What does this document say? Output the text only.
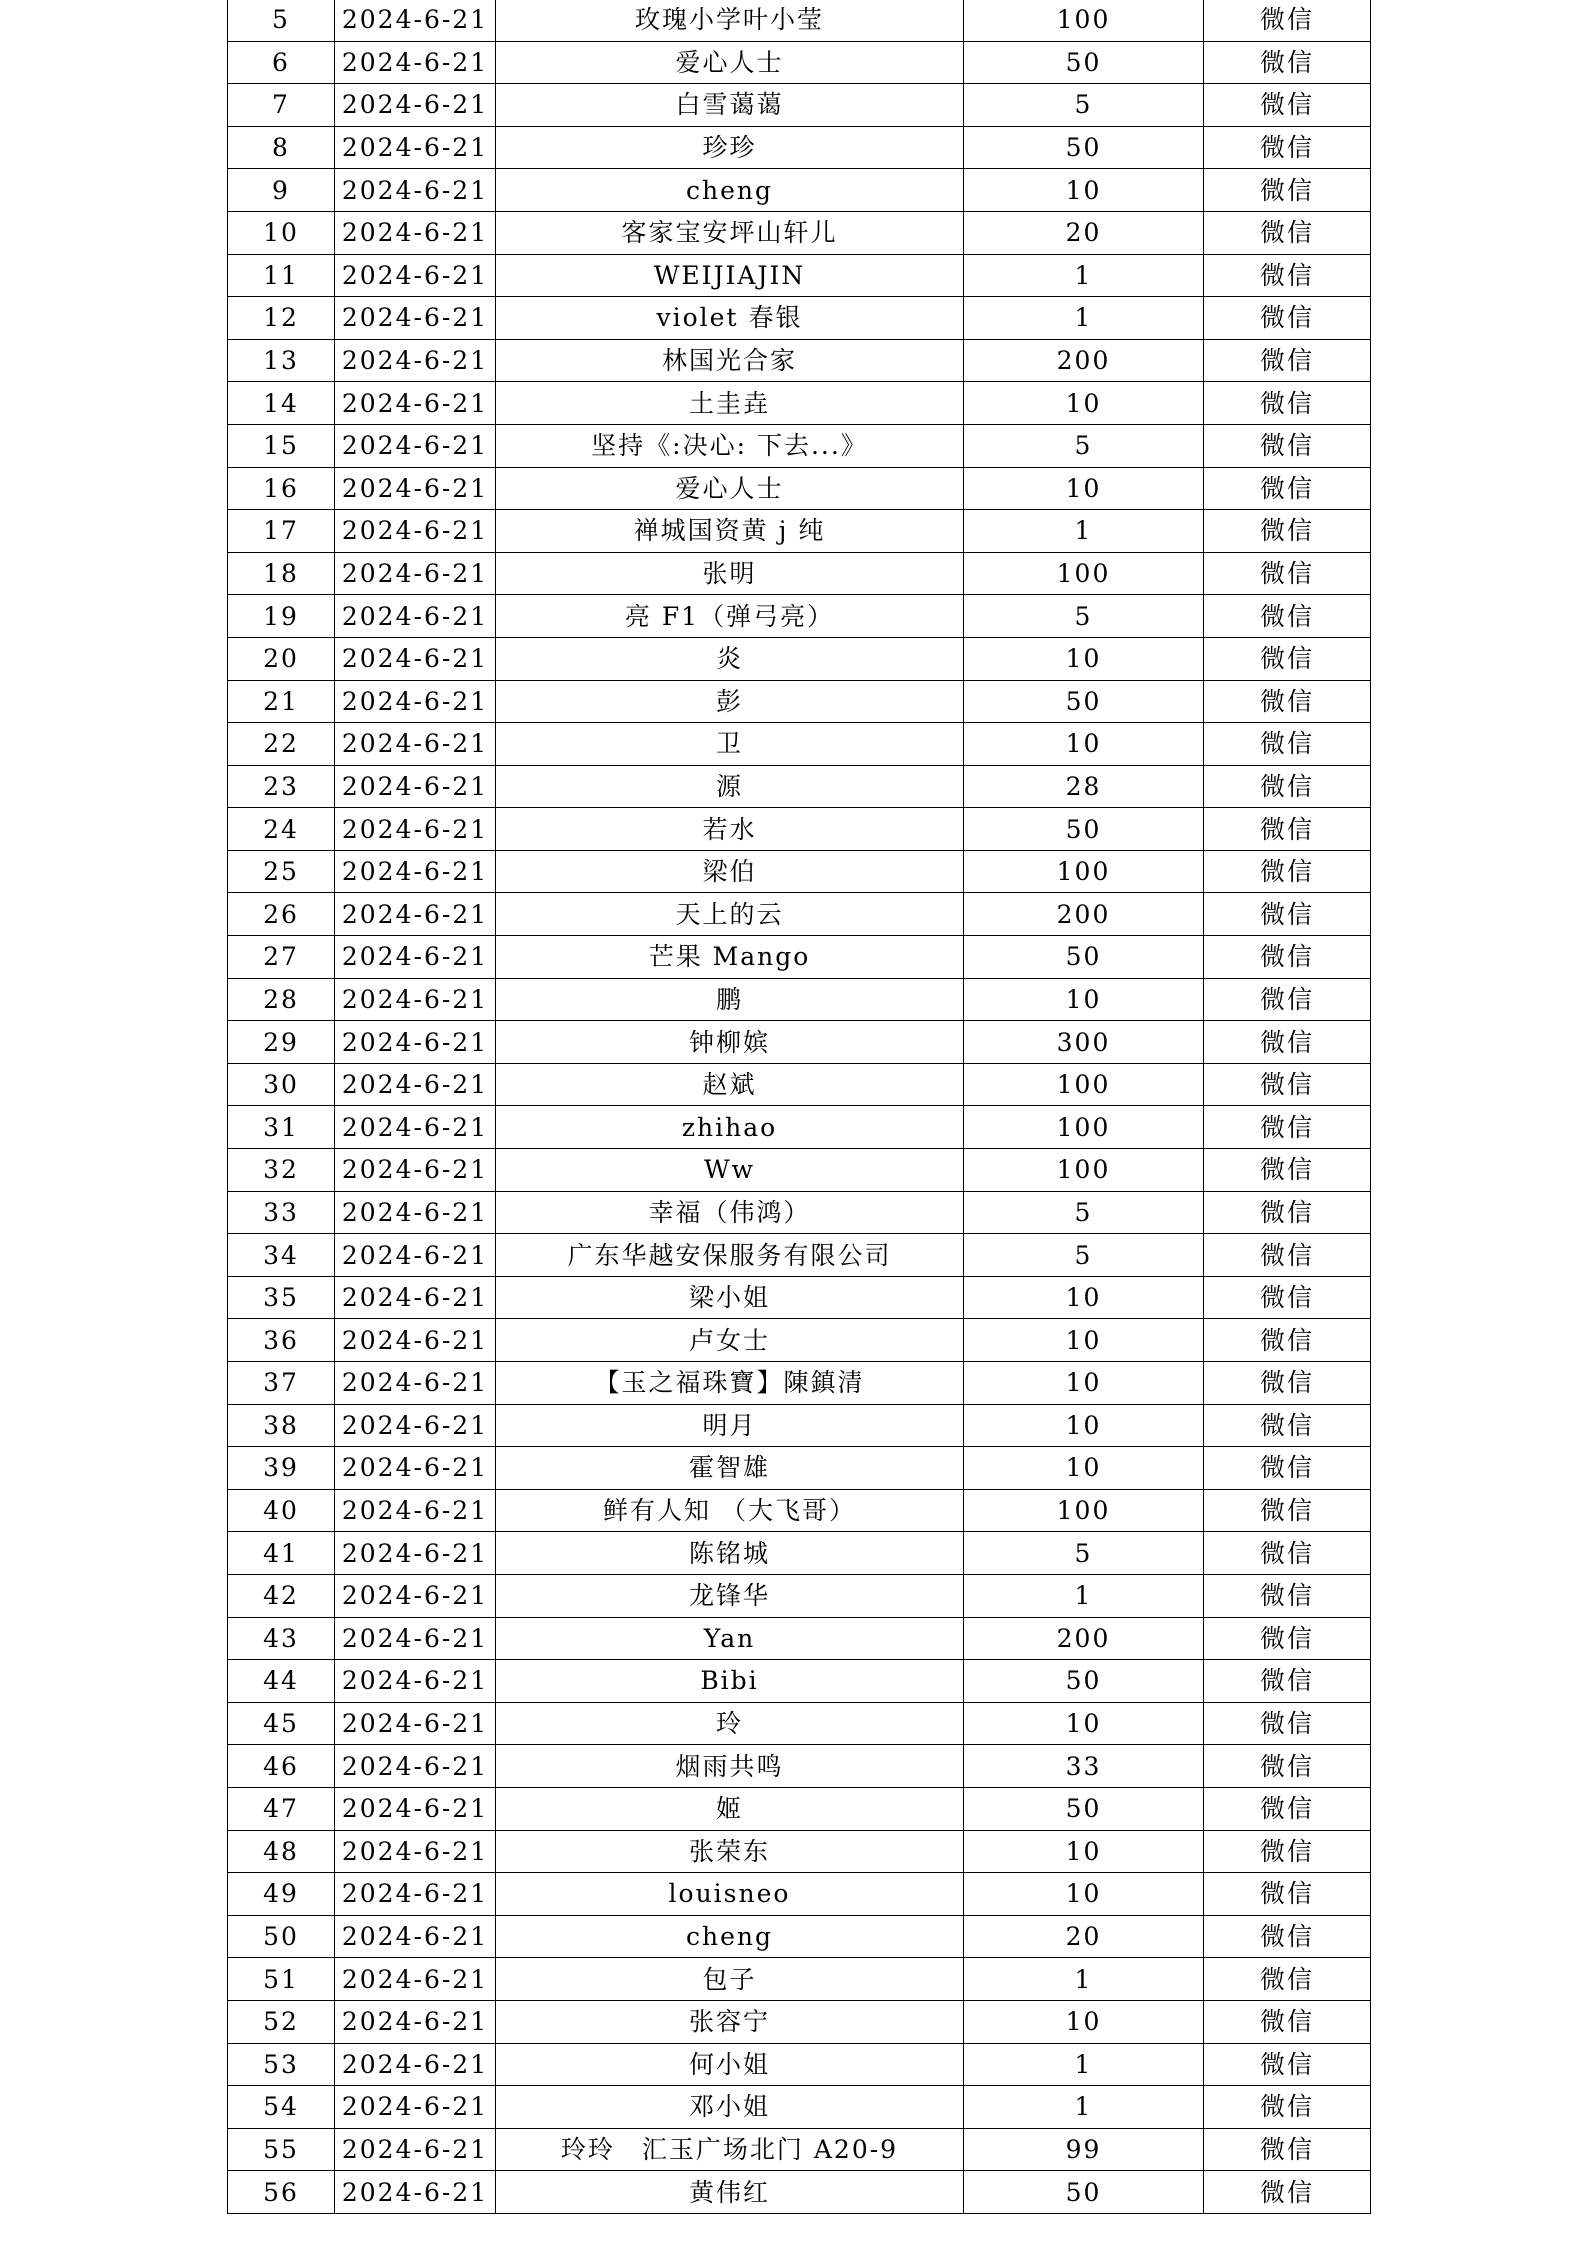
5	2024-6-21	玫瑰小学叶小莹	100	微信
6	2024-6-21	爱心人士	50	微信
7	2024-6-21	白雪蔼蔼	5	微信
8	2024-6-21	珍珍	50	微信
9	2024-6-21	cheng	10	微信
10	2024-6-21	客家宝安坪山轩儿	20	微信
11	2024-6-21	WEIJIAJIN	1	微信
12	2024-6-21	violet 春银	1	微信
13	2024-6-21	林国光合家	200	微信
14	2024-6-21	土圭垚	10	微信
15	2024-6-21	坚持《:决心: 下去...》	5	微信
16	2024-6-21	爱心人士	10	微信
17	2024-6-21	禅城国资黄 j 纯	1	微信
18	2024-6-21	张明	100	微信
19	2024-6-21	亮 F1（弹弓亮）	5	微信
20	2024-6-21	炎	10	微信
21	2024-6-21	彭	50	微信
22	2024-6-21	卫	10	微信
23	2024-6-21	源	28	微信
24	2024-6-21	若水	50	微信
25	2024-6-21	梁伯	100	微信
26	2024-6-21	天上的云	200	微信
27	2024-6-21	芒果 Mango	50	微信
28	2024-6-21	鹏	10	微信
29	2024-6-21	钟柳嫔	300	微信
30	2024-6-21	赵斌	100	微信
31	2024-6-21	zhihao	100	微信
32	2024-6-21	Ww	100	微信
33	2024-6-21	幸福（伟鸿）	5	微信
34	2024-6-21	广东华越安保服务有限公司	5	微信
35	2024-6-21	梁小姐	10	微信
36	2024-6-21	卢女士	10	微信
37	2024-6-21	【玉之福珠寶】陳鎮清	10	微信
38	2024-6-21	明月	10	微信
39	2024-6-21	霍智雄	10	微信
40	2024-6-21	鲜有人知 （大飞哥）	100	微信
41	2024-6-21	陈铭城	5	微信
42	2024-6-21	龙锋华	1	微信
43	2024-6-21	Yan	200	微信
44	2024-6-21	Bibi	50	微信
45	2024-6-21	玲	10	微信
46	2024-6-21	烟雨共鸣	33	微信
47	2024-6-21	姬	50	微信
48	2024-6-21	张荣东	10	微信
49	2024-6-21	louisneo	10	微信
50	2024-6-21	cheng	20	微信
51	2024-6-21	包子	1	微信
52	2024-6-21	张容宁	10	微信
53	2024-6-21	何小姐	1	微信
54	2024-6-21	邓小姐	1	微信
55	2024-6-21	玲玲　汇玉广场北门 A20-9	99	微信
56	2024-6-21	黄伟红	50	微信
